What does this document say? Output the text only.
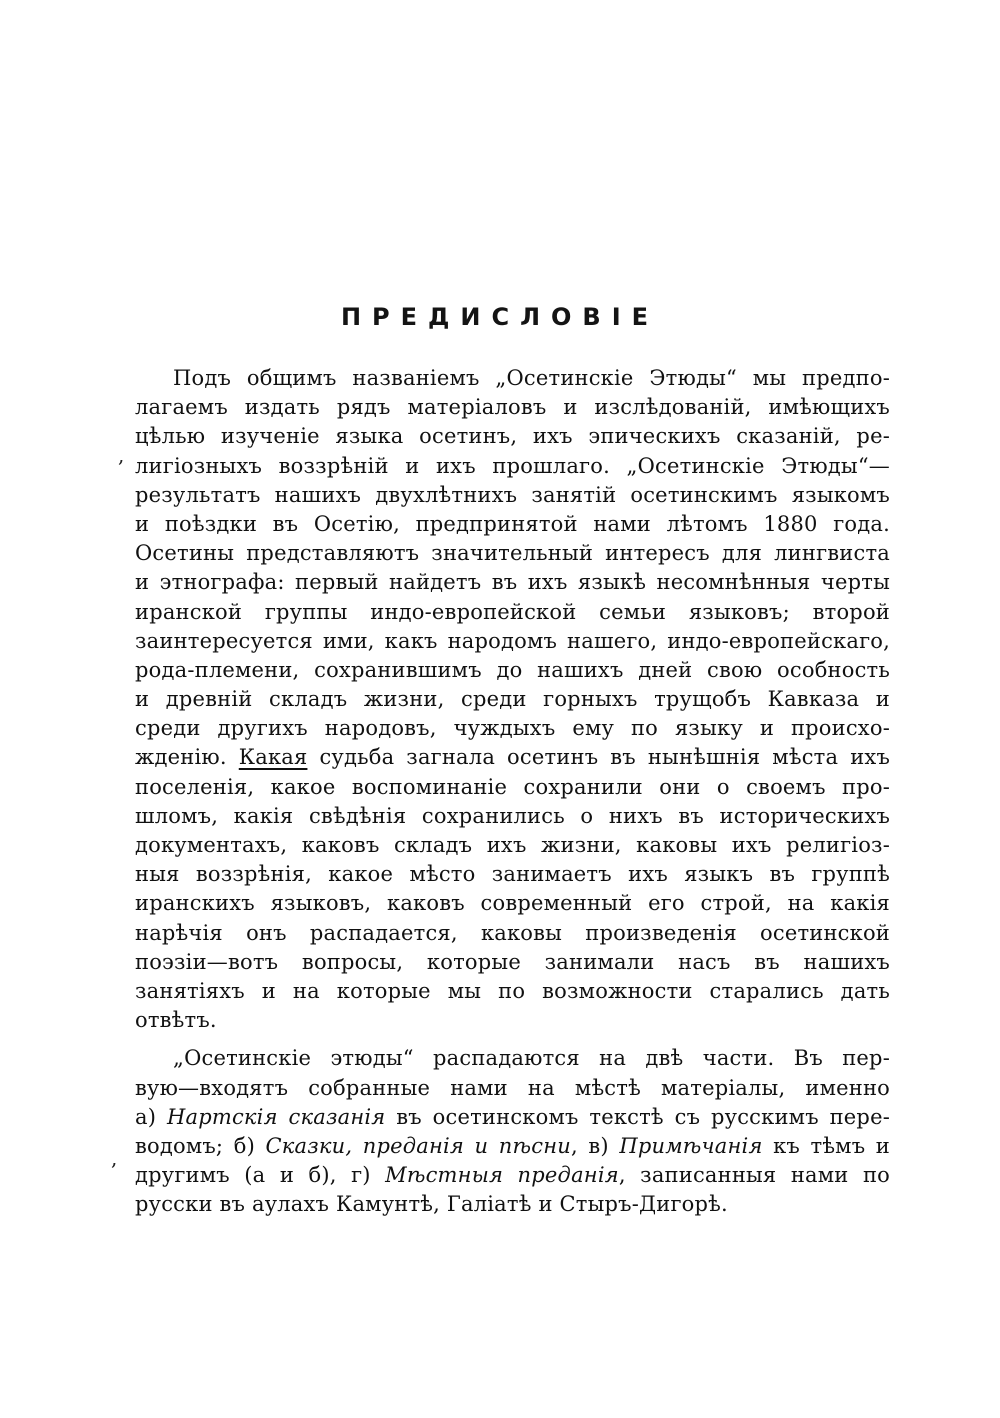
ПРЕДИСЛОВІЕ
,
,
Подъ общимъ названіемъ „Осетинскіе Этюды“ мы предпо-
лагаемъ издать рядъ матеріаловъ и изслѣдованій, имѣющихъ
цѣлью изученіе языка осетинъ, ихъ эпическихъ сказаній, ре-
лигіозныхъ воззрѣній и ихъ прошлаго. „Осетинскіе Этюды“—
результатъ нашихъ двухлѣтнихъ занятій осетинскимъ языкомъ
и поѣздки въ Осетію, предпринятой нами лѣтомъ 1880 года.
Осетины представляютъ значительный интересъ для лингвиста
и этнографа: первый найдетъ въ ихъ языкѣ несомнѣнныя черты
иранской группы индо-европейской семьи языковъ; второй
заинтересуется ими, какъ народомъ нашего, индо-европейскаго,
рода-племени, сохранившимъ до нашихъ дней свою особность
и древній складъ жизни, среди горныхъ трущобъ Кавказа и
среди другихъ народовъ, чуждыхъ ему по языку и происхо-
жденію. Какая судьба загнала осетинъ въ нынѣшнія мѣста ихъ
поселенія, какое воспоминаніе сохранили они о своемъ про-
шломъ, какія свѣдѣнія сохранились о нихъ въ историческихъ
документахъ, каковъ складъ ихъ жизни, каковы ихъ религіоз-
ныя воззрѣнія, какое мѣсто занимаетъ ихъ языкъ въ группѣ
иранскихъ языковъ, каковъ современный его строй, на какія
нарѣчія онъ распадается, каковы произведенія осетинской
поэзіи—вотъ вопросы, которые занимали насъ въ нашихъ
занятіяхъ и на которые мы по возможности старались дать
отвѣтъ.
„Осетинскіе этюды“ распадаются на двѣ части. Въ пер-
вую—входятъ собранные нами на мѣстѣ матеріалы, именно
а) Нартскія сказанія въ осетинскомъ текстѣ съ русскимъ пере-
водомъ; б) Сказки, преданія и пѣсни, в) Примѣчанія къ тѣмъ и
другимъ (а и б), г) Мѣстныя преданія, записанныя нами по
русски въ аулахъ Камунтѣ, Галіатѣ и Стыръ-Дигорѣ.
